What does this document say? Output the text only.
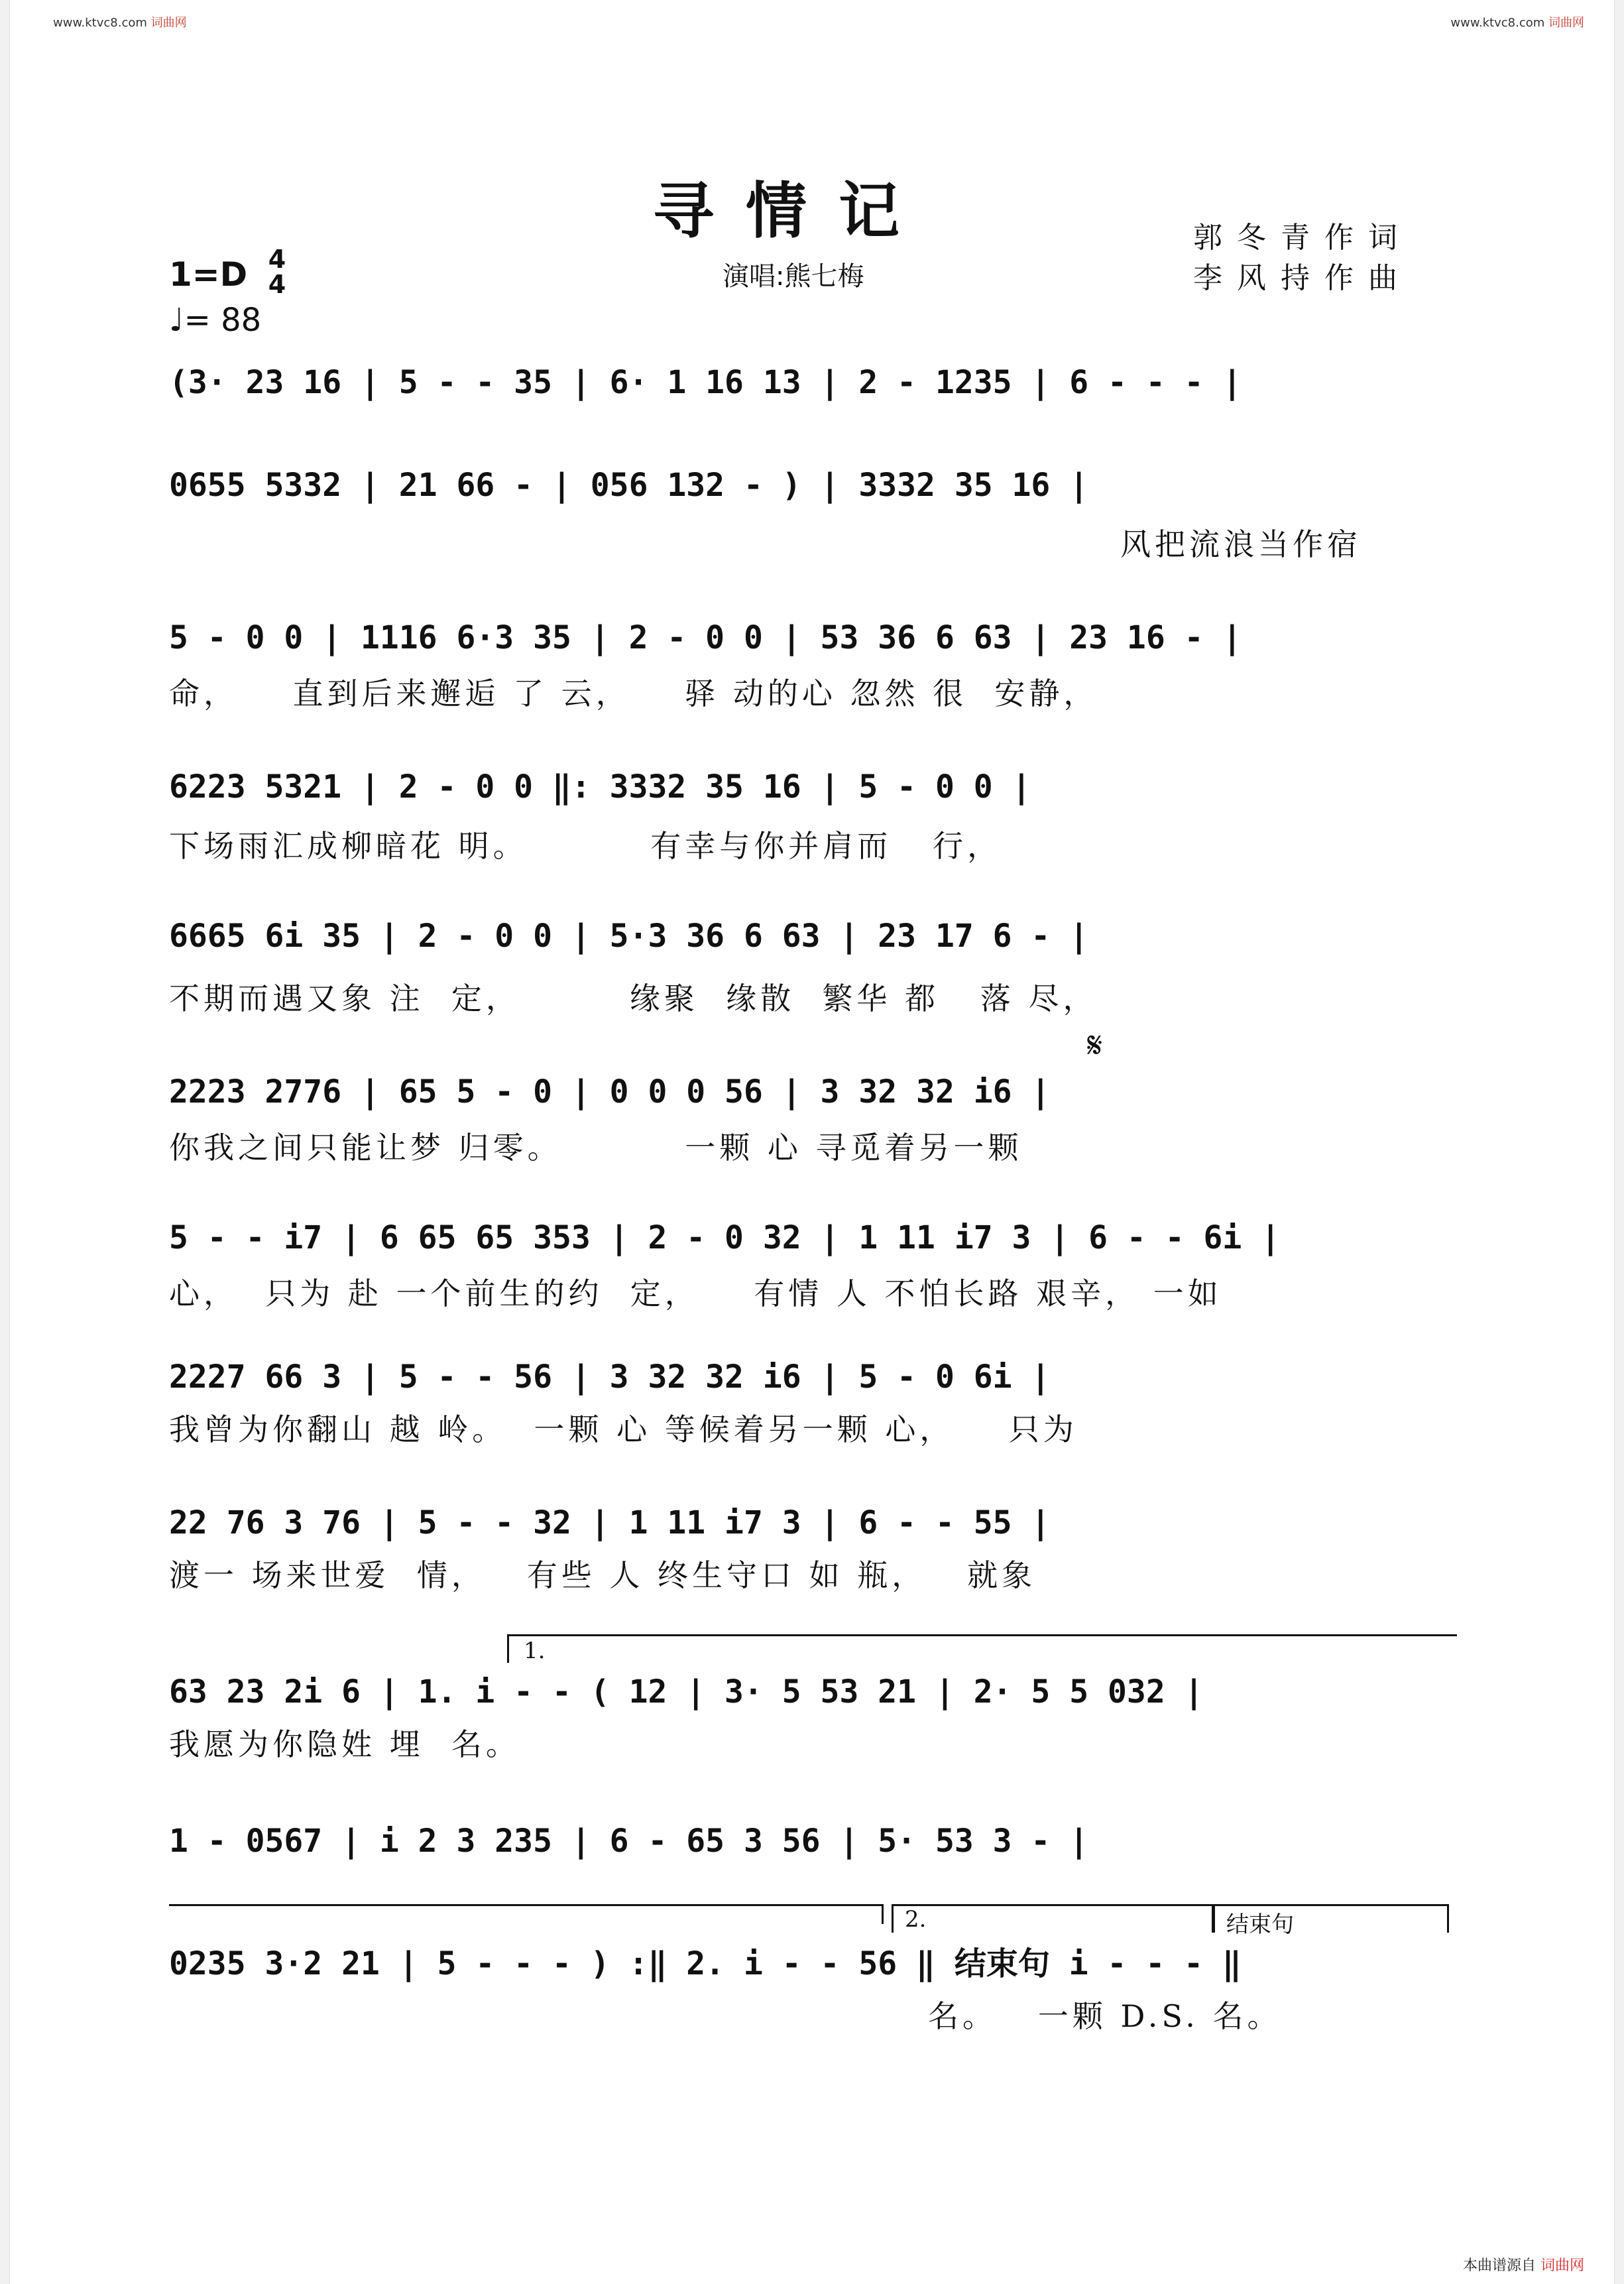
www.ktvc8.com 词曲网	www.ktvc8.com 词曲网
寻情记
演唱:熊七梅
郭冬青作词
李风持作曲
1=D 4
4
♩= 88
(3· 23 16 | 5 - - 35 | 6· 1 16 13 | 2 - 1235 | 6 - - - |
0655 5332 | 21 66 - | 056 132 - ) | 3332 35 16 |
风把流浪当作宿
5 - 0 0 | 1116 6·3 35 | 2 - 0 0 | 53 36 6 63 | 23 16 - |
命，    直到后来邂逅 了 云，    驿 动的心 忽然 很  安静，
6223 5321 | 2 - 0 0 ‖: 3332 35 16 | 5 - 0 0 |
下场雨汇成柳暗花 明。         有幸与你并肩而   行，
6665 6i 35 | 2 - 0 0 | 5·3 36 6 63 | 23 17 6 - |
不期而遇又象 注  定，        缘聚  缘散  繁华 都   落 尽，
𝄋
2223 2776 | 65 5 - 0 | 0 0 0 56 | 3 32 32 i6 |
你我之间只能让梦 归零。         一颗 心 寻觅着另一颗
5 - - i7 | 6 65 65 353 | 2 - 0 32 | 1 11 i7 3 | 6 - - 6i |
心，  只为 赴 一个前生的约  定，    有情 人 不怕长路 艰辛， 一如
2227 66 3 | 5 - - 56 | 3 32 32 i6 | 5 - 0 6i |
我曾为你翻山 越 岭。  一颗 心 等候着另一颗 心，    只为
22 76 3 76 | 5 - - 32 | 1 11 i7 3 | 6 - - 55 |
渡一 场来世爱  情，   有些 人 终生守口 如 瓶，   就象
1.
63 23 2i 6 | 1. i - - ( 12 | 3· 5 53 21 | 2· 5 5 032 |
我愿为你隐姓 埋  名。
1 - 0567 | i 2 3 235 | 6 - 65 3 56 | 5· 53 3 - |
2.	结束句
0235 3·2 21 | 5 - - - ) :‖ 2. i - - 56 ‖ 结束句 i - - - ‖
名。   一颗 D.S. 名。
本曲谱源自 词曲网
